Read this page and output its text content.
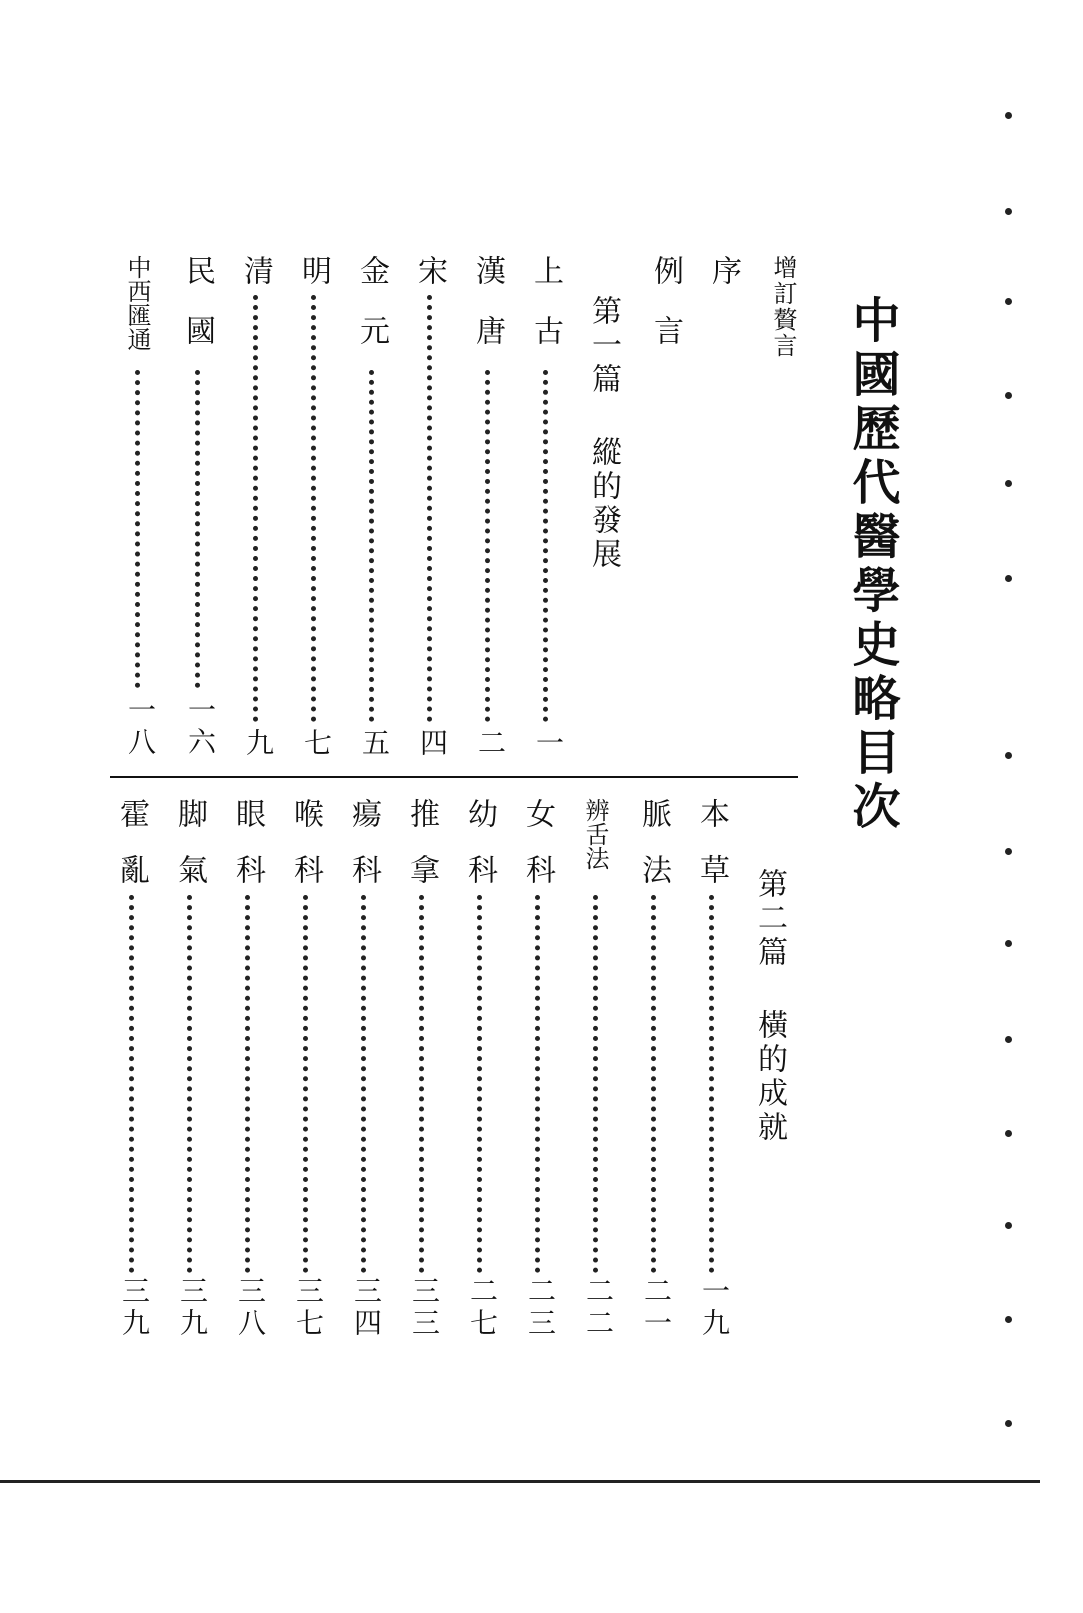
中國歷代醫學史略目次
增訂贅言
序
例言
第一篇 縱的發展
上古
一
漢唐
二
宋
四
金元
五
明
七
清
九
民國
一六
中西匯通
一八
第二篇 橫的成就
本草
一九
脈法
二一
辨舌法
二二
女科
二三
幼科
二七
推拿
三三
瘍科
三四
喉科
三七
眼科
三八
脚氣
三九
霍亂
三九
